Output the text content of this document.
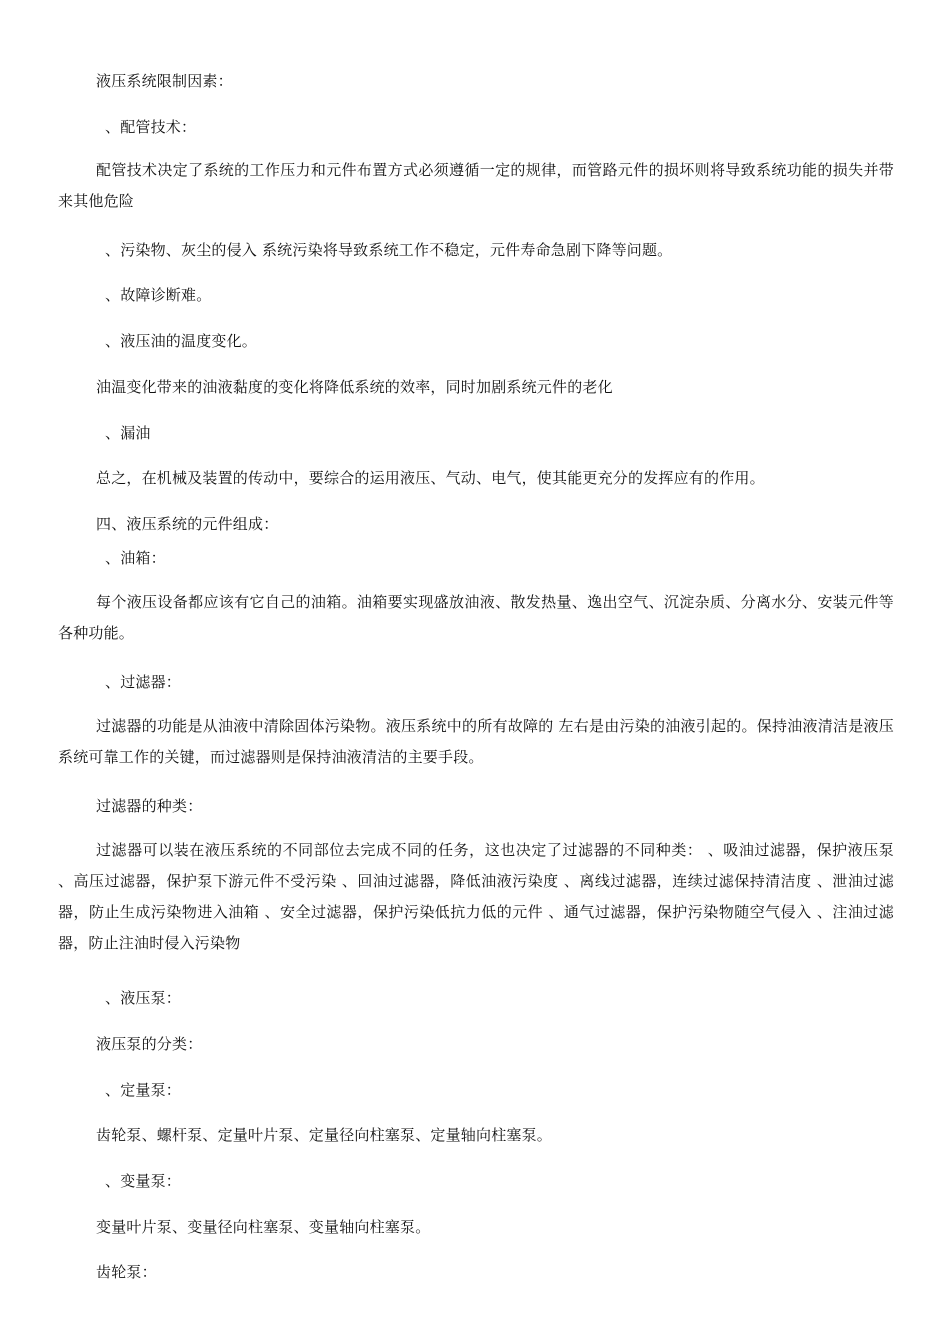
液压系统限制因素：
、配管技术：
配管技术决定了系统的工作压力和元件布置方式必须遵循一定的规律，而管路元件的损坏则将导致系统功能的损失并带来其他危险
、污染物、灰尘的侵入 系统污染将导致系统工作不稳定，元件寿命急剧下降等问题。
、故障诊断难。
、液压油的温度变化。
油温变化带来的油液黏度的变化将降低系统的效率，同时加剧系统元件的老化
、漏油
总之，在机械及装置的传动中，要综合的运用液压、气动、电气，使其能更充分的发挥应有的作用。
四、液压系统的元件组成：
、油箱：
每个液压设备都应该有它自己的油箱。油箱要实现盛放油液、散发热量、逸出空气、沉淀杂质、分离水分、安装元件等各种功能。
、过滤器：
过滤器的功能是从油液中清除固体污染物。液压系统中的所有故障的 左右是由污染的油液引起的。保持油液清洁是液压系统可靠工作的关键，而过滤器则是保持油液清洁的主要手段。
过滤器的种类：
过滤器可以装在液压系统的不同部位去完成不同的任务，这也决定了过滤器的不同种类： 、吸油过滤器，保护液压泵 、高压过滤器，保护泵下游元件不受污染 、回油过滤器，降低油液污染度 、离线过滤器，连续过滤保持清洁度 、泄油过滤器，防止生成污染物进入油箱 、安全过滤器，保护污染低抗力低的元件 、通气过滤器，保护污染物随空气侵入 、注油过滤器，防止注油时侵入污染物
、液压泵：
液压泵的分类：
、定量泵：
齿轮泵、螺杆泵、定量叶片泵、定量径向柱塞泵、定量轴向柱塞泵。
、变量泵：
变量叶片泵、变量径向柱塞泵、变量轴向柱塞泵。
齿轮泵：
